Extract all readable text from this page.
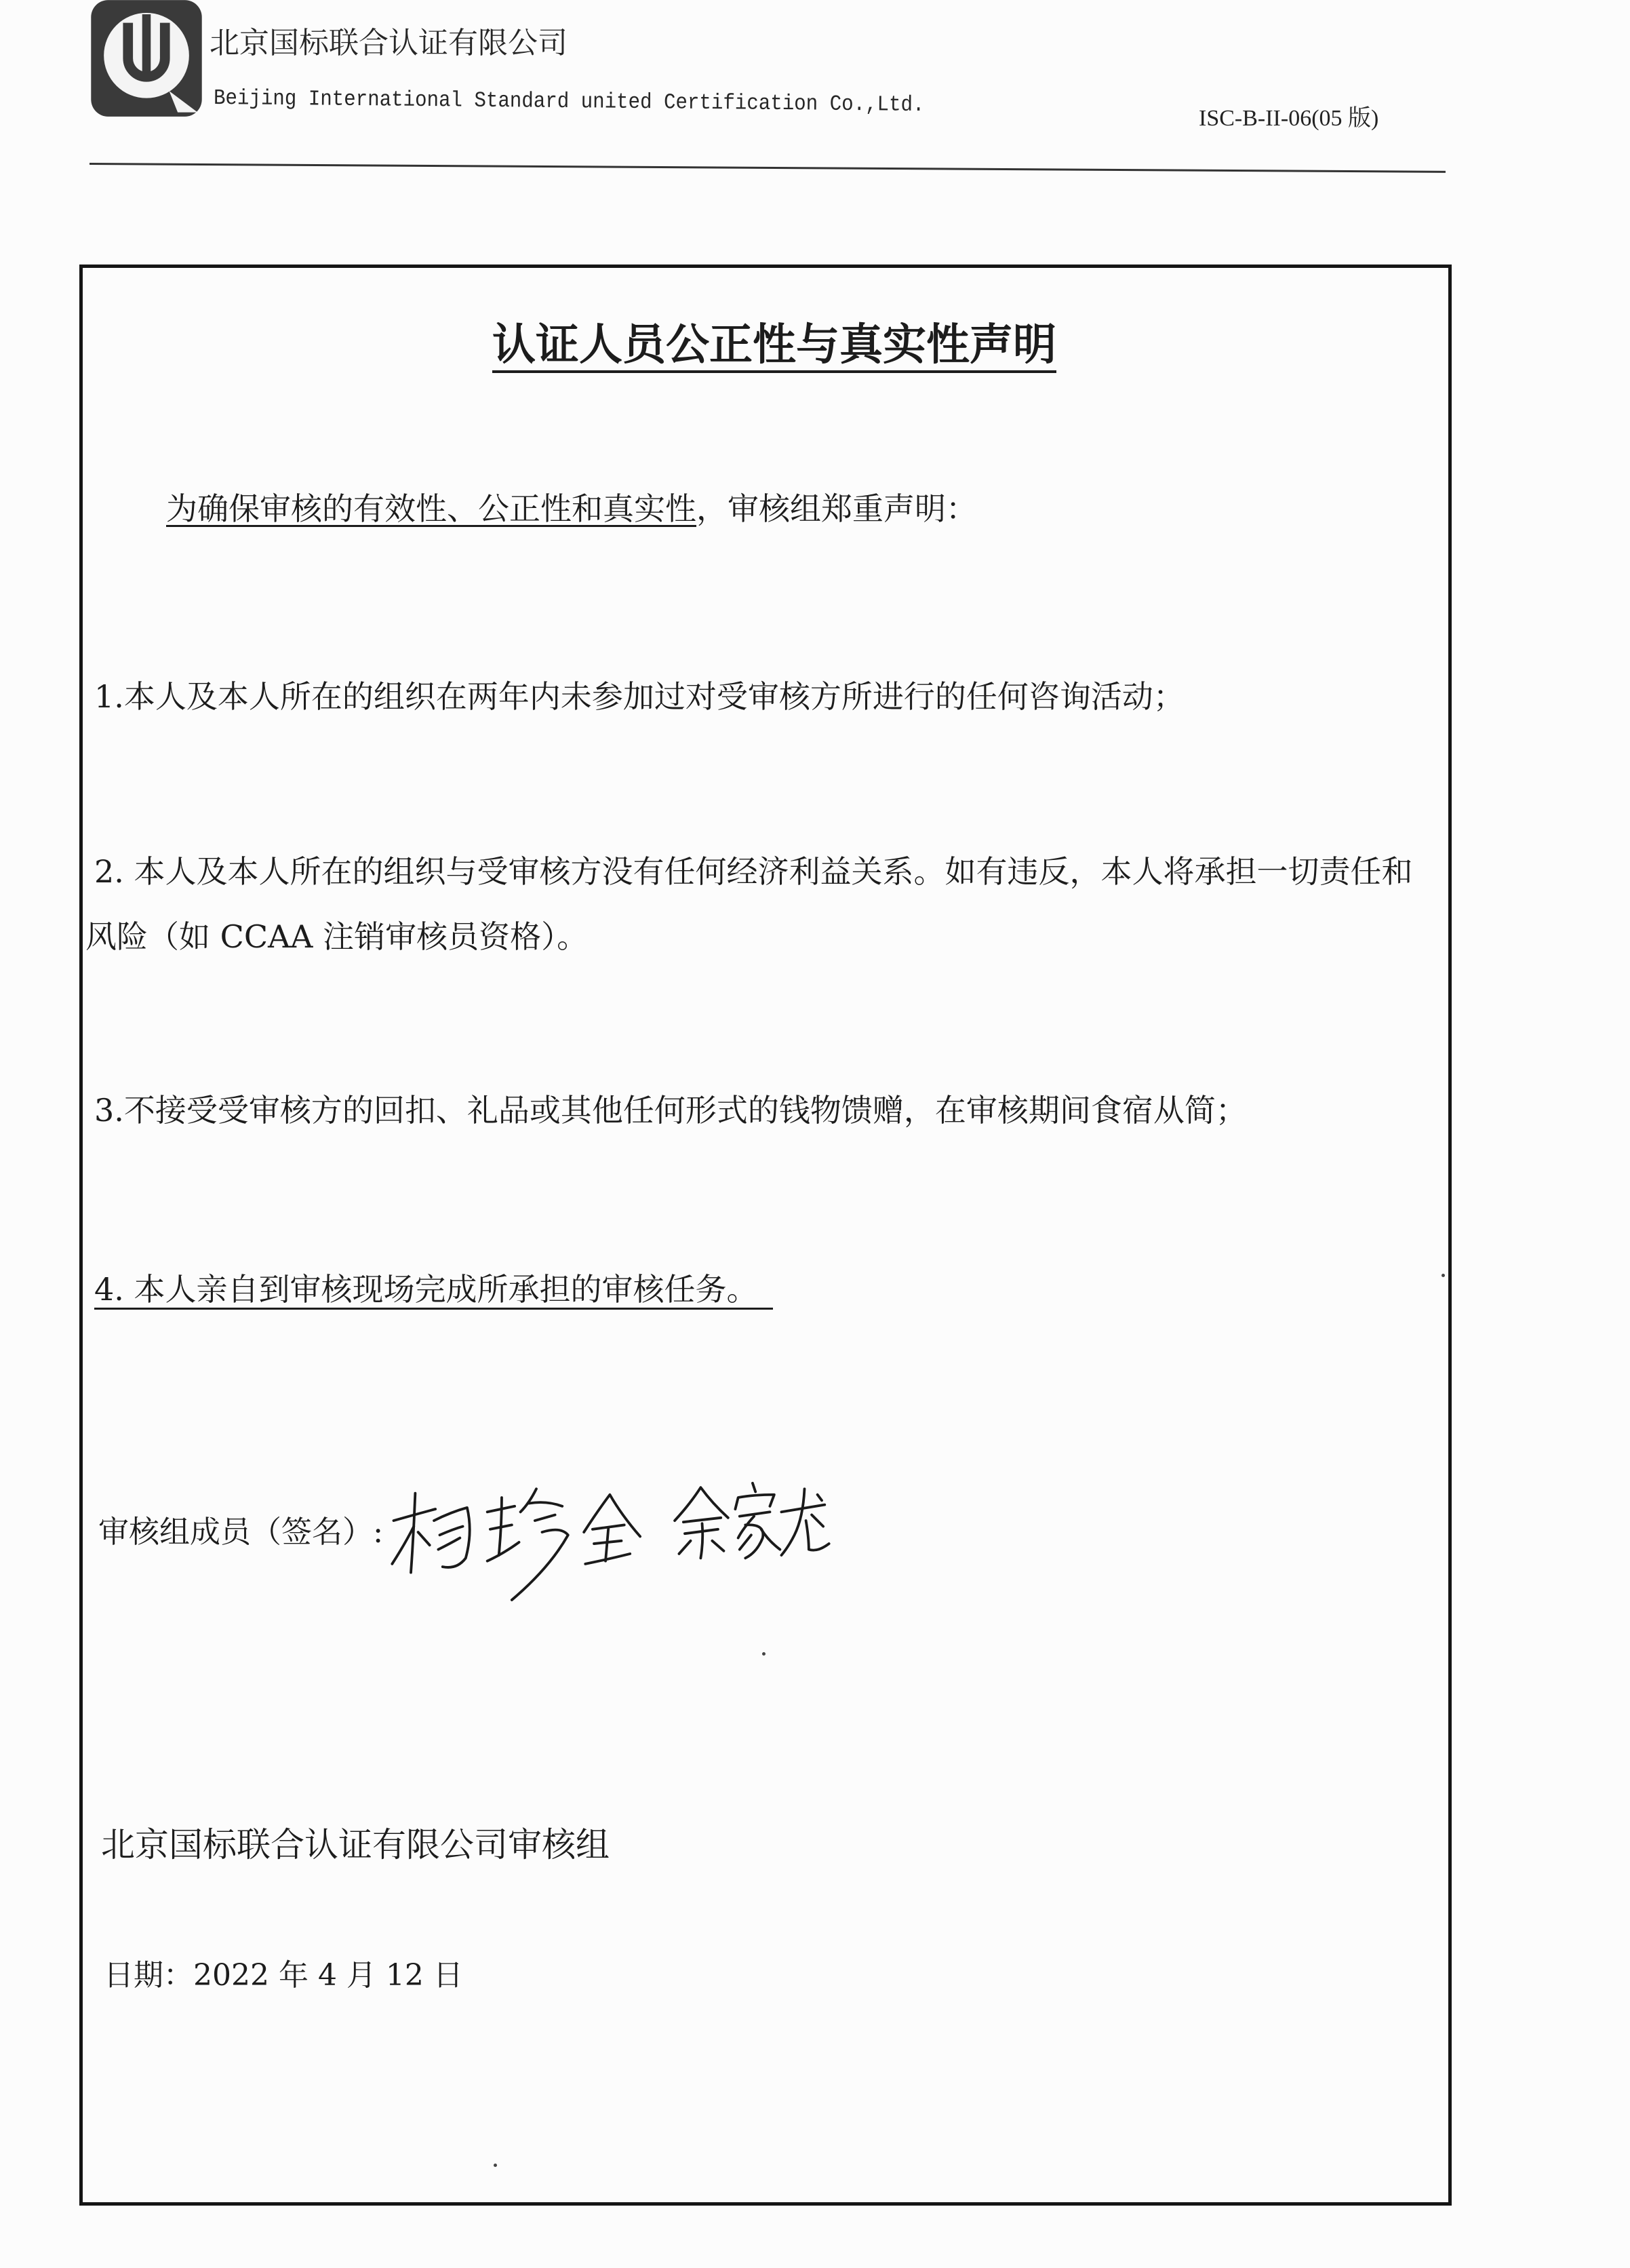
北京国标联合认证有限公司
Beijing International Standard united Certification Co.,Ltd.
ISC-B-II-06(05 版)
认证人员公正性与真实性声明
为确保审核的有效性、公正性和真实性，审核组郑重声明：
1.本人及本人所在的组织在两年内未参加过对受审核方所进行的任何咨询活动；
2. 本人及本人所在的组织与受审核方没有任何经济利益关系。如有违反，本人将承担一切责任和
风险（如 CCAA 注销审核员资格）。
3.不接受受审核方的回扣、礼品或其他任何形式的钱物馈赠，在审核期间食宿从简；
4. 本人亲自到审核现场完成所承担的审核任务。
审核组成员（签名）:
北京国标联合认证有限公司审核组
日期：2022 年 4 月 12 日
